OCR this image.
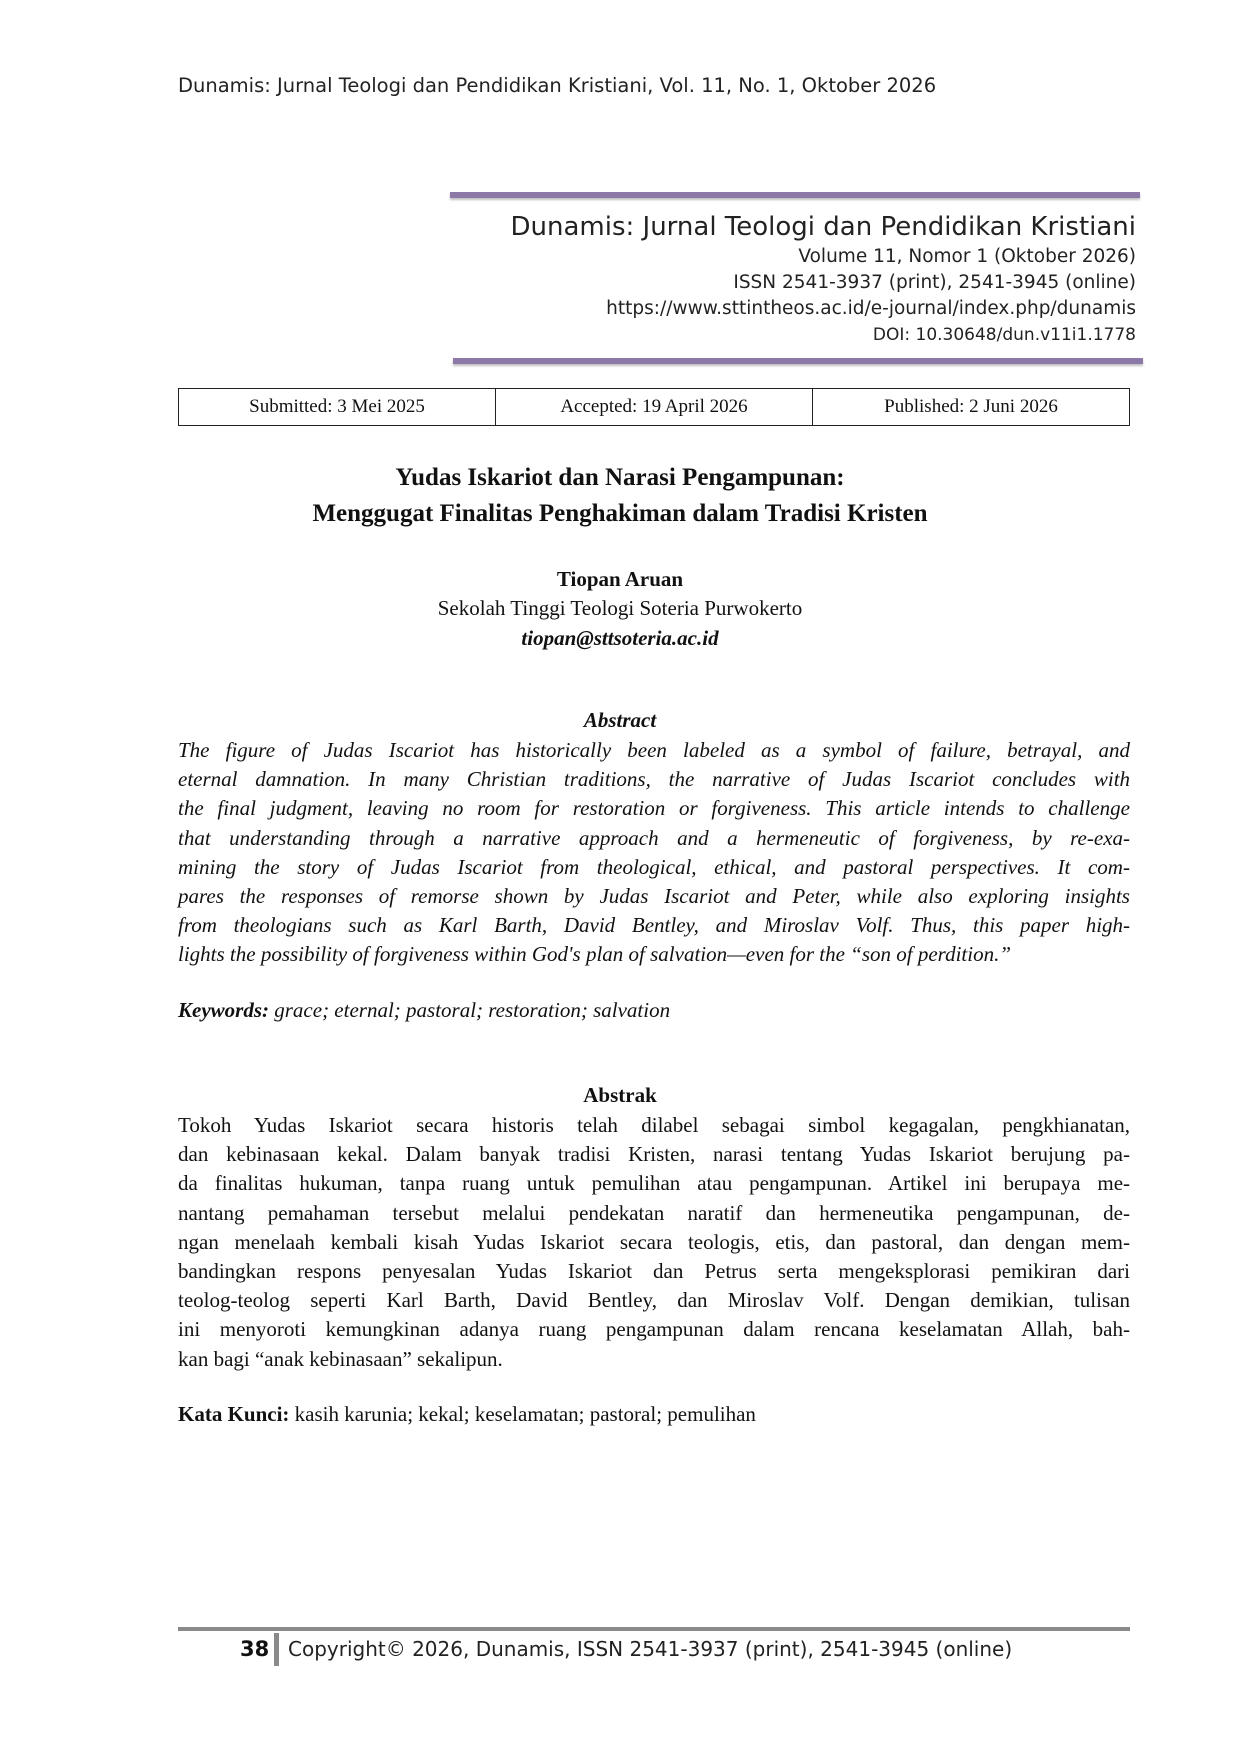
Dunamis: Jurnal Teologi dan Pendidikan Kristiani, Vol. 11, No. 1, Oktober 2026
Dunamis: Jurnal Teologi dan Pendidikan Kristiani
Volume 11, Nomor 1 (Oktober 2026)
ISSN 2541-3937 (print), 2541-3945 (online)
https://www.sttintheos.ac.id/e-journal/index.php/dunamis
DOI: 10.30648/dun.v11i1.1778
Submitted: 3 Mei 2025	Accepted: 19 April 2026	Published: 2 Juni 2026
Yudas Iskariot dan Narasi Pengampunan:
Menggugat Finalitas Penghakiman dalam Tradisi Kristen
Tiopan Aruan
Sekolah Tinggi Teologi Soteria Purwokerto
tiopan@sttsoteria.ac.id
Abstract
The figure of Judas Iscariot has historically been labeled as a symbol of failure, betrayal, and
eternal damnation. In many Christian traditions, the narrative of Judas Iscariot concludes with
the final judgment, leaving no room for restoration or forgiveness. This article intends to challenge
that understanding through a narrative approach and a hermeneutic of forgiveness, by re-exa-
mining the story of Judas Iscariot from theological, ethical, and pastoral perspectives. It com-
pares the responses of remorse shown by Judas Iscariot and Peter, while also exploring insights
from theologians such as Karl Barth, David Bentley, and Miroslav Volf. Thus, this paper high-
lights the possibility of forgiveness within God's plan of salvation—even for the “son of perdition.”
Keywords: grace; eternal; pastoral; restoration; salvation
Abstrak
Tokoh Yudas Iskariot secara historis telah dilabel sebagai simbol kegagalan, pengkhianatan,
dan kebinasaan kekal. Dalam banyak tradisi Kristen, narasi tentang Yudas Iskariot berujung pa-
da finalitas hukuman, tanpa ruang untuk pemulihan atau pengampunan. Artikel ini berupaya me-
nantang pemahaman tersebut melalui pendekatan naratif dan hermeneutika pengampunan, de-
ngan menelaah kembali kisah Yudas Iskariot secara teologis, etis, dan pastoral, dan dengan mem-
bandingkan respons penyesalan Yudas Iskariot dan Petrus serta mengeksplorasi pemikiran dari
teolog-teolog seperti Karl Barth, David Bentley, dan Miroslav Volf. Dengan demikian, tulisan
ini menyoroti kemungkinan adanya ruang pengampunan dalam rencana keselamatan Allah, bah-
kan bagi “anak kebinasaan” sekalipun.
Kata Kunci: kasih karunia; kekal; keselamatan; pastoral; pemulihan
38 Copyright© 2026, Dunamis, ISSN 2541-3937 (print), 2541-3945 (online)
